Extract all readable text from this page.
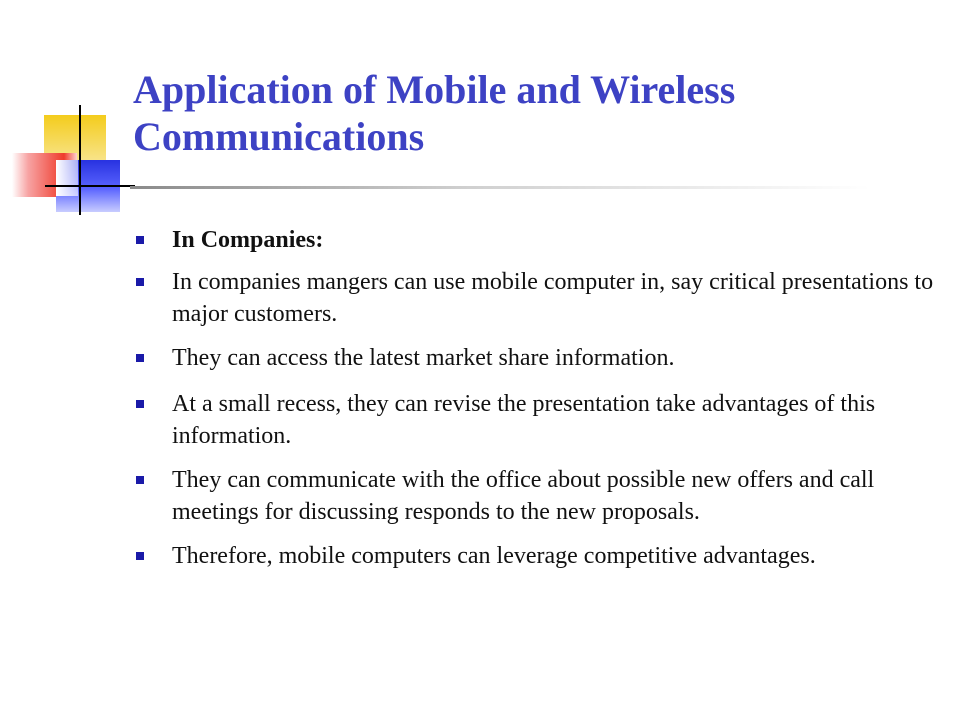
Application of Mobile and Wireless Communications
In Companies:
In companies mangers can use mobile computer in, say critical presentations to major customers.
They can access the latest market share information.
At a small recess, they can revise the presentation take advantages of this information.
They can communicate with the office about possible new offers and call meetings for discussing responds to the new proposals.
Therefore, mobile computers can leverage competitive advantages.
